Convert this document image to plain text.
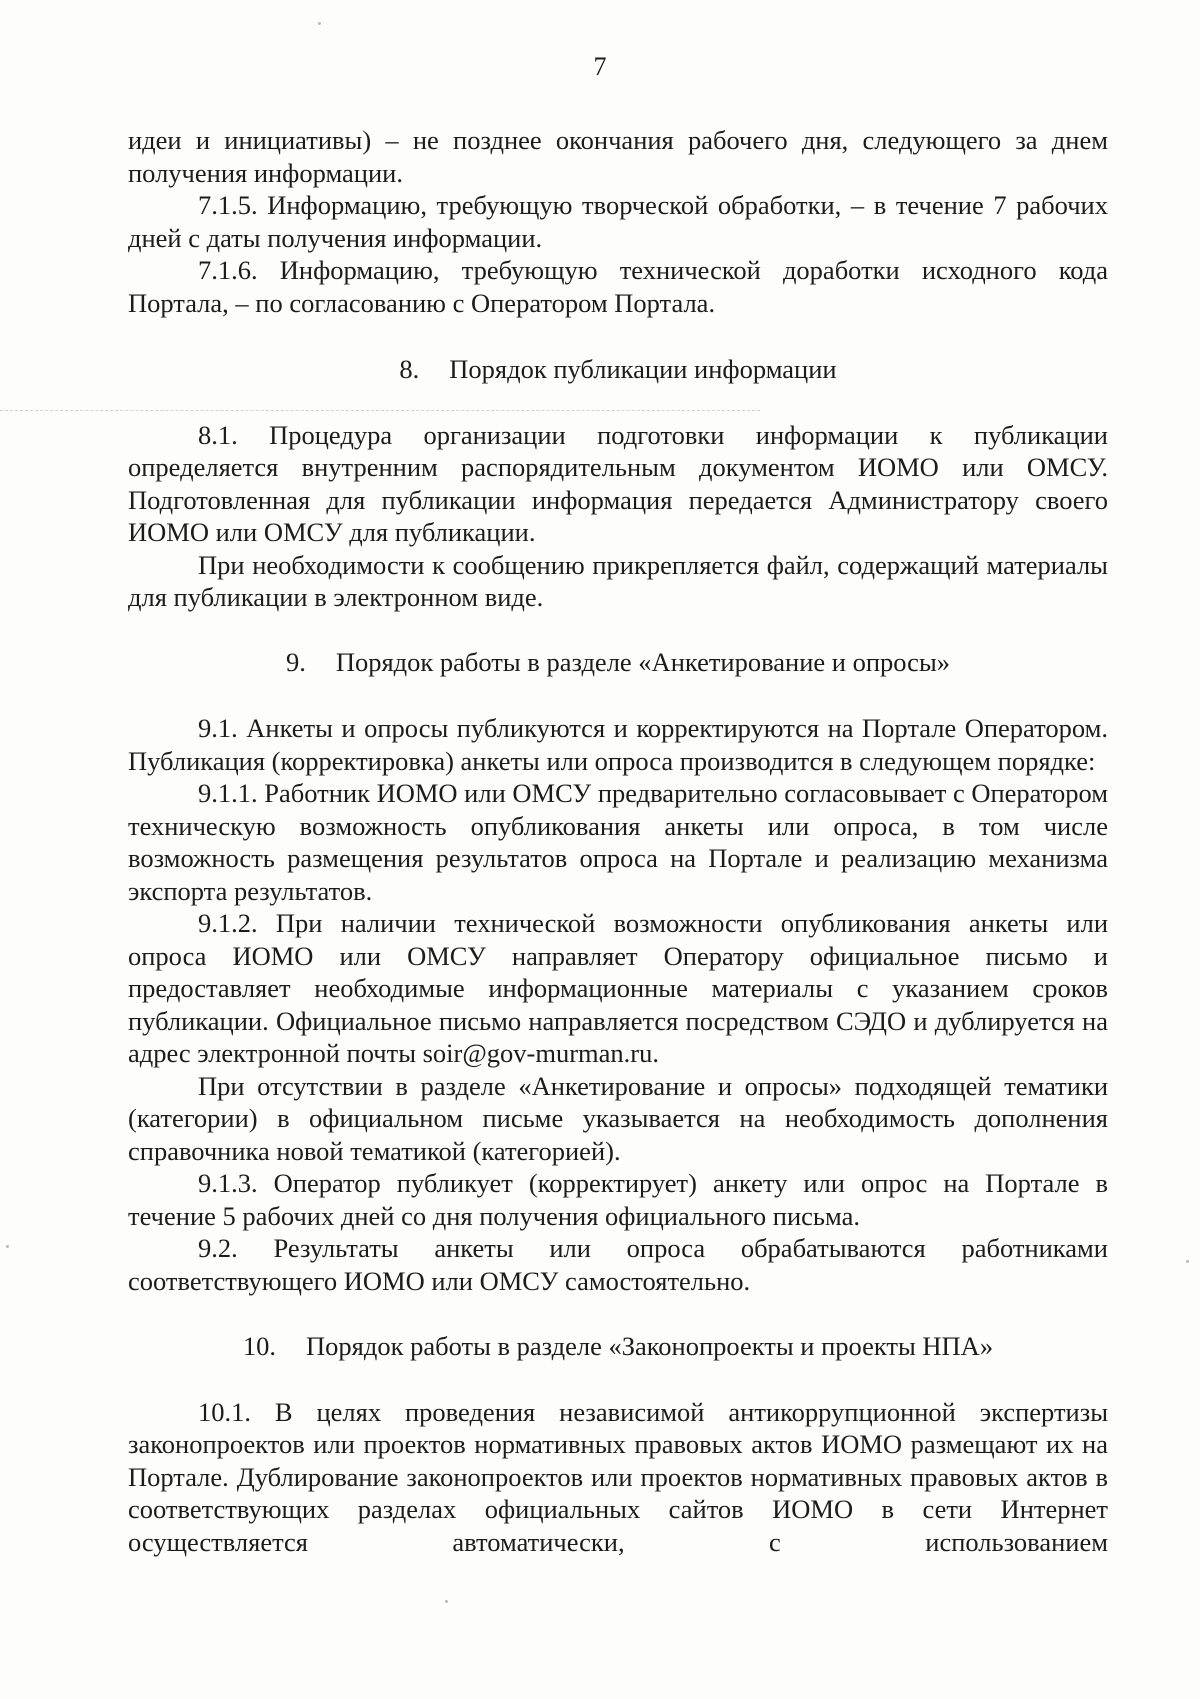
7

идеи и инициативы) – не позднее окончания рабочего дня, следующего за днем получения информации.

7.1.5. Информацию, требующую творческой обработки, – в течение 7 рабочих дней с даты получения информации.

7.1.6. Информацию, требующую технической доработки исходного кода Портала, – по согласованию с Оператором Портала.

8. Порядок публикации информации

8.1. Процедура организации подготовки информации к публикации определяется внутренним распорядительным документом ИОМО или ОМСУ. Подготовленная для публикации информация передается Администратору своего ИОМО или ОМСУ для публикации.

При необходимости к сообщению прикрепляется файл, содержащий материалы для публикации в электронном виде.

9. Порядок работы в разделе «Анкетирование и опросы»

9.1. Анкеты и опросы публикуются и корректируются на Портале Оператором. Публикация (корректировка) анкеты или опроса производится в следующем порядке:

9.1.1. Работник ИОМО или ОМСУ предварительно согласовывает с Оператором техническую возможность опубликования анкеты или опроса, в том числе возможность размещения результатов опроса на Портале и реализацию механизма экспорта результатов.

9.1.2. При наличии технической возможности опубликования анкеты или опроса ИОМО или ОМСУ направляет Оператору официальное письмо и предоставляет необходимые информационные материалы с указанием сроков публикации. Официальное письмо направляется посредством СЭДО и дублируется на адрес электронной почты soir@gov-murman.ru.

При отсутствии в разделе «Анкетирование и опросы» подходящей тематики (категории) в официальном письме указывается на необходимость дополнения справочника новой тематикой (категорией).

9.1.3. Оператор публикует (корректирует) анкету или опрос на Портале в течение 5 рабочих дней со дня получения официального письма.

9.2. Результаты анкеты или опроса обрабатываются работниками соответствующего ИОМО или ОМСУ самостоятельно.

10. Порядок работы в разделе «Законопроекты и проекты НПА»

10.1. В целях проведения независимой антикоррупционной экспертизы законопроектов или проектов нормативных правовых актов ИОМО размещают их на Портале. Дублирование законопроектов или проектов нормативных правовых актов в соответствующих разделах официальных сайтов ИОМО в сети Интернет осуществляется автоматически, с использованием
